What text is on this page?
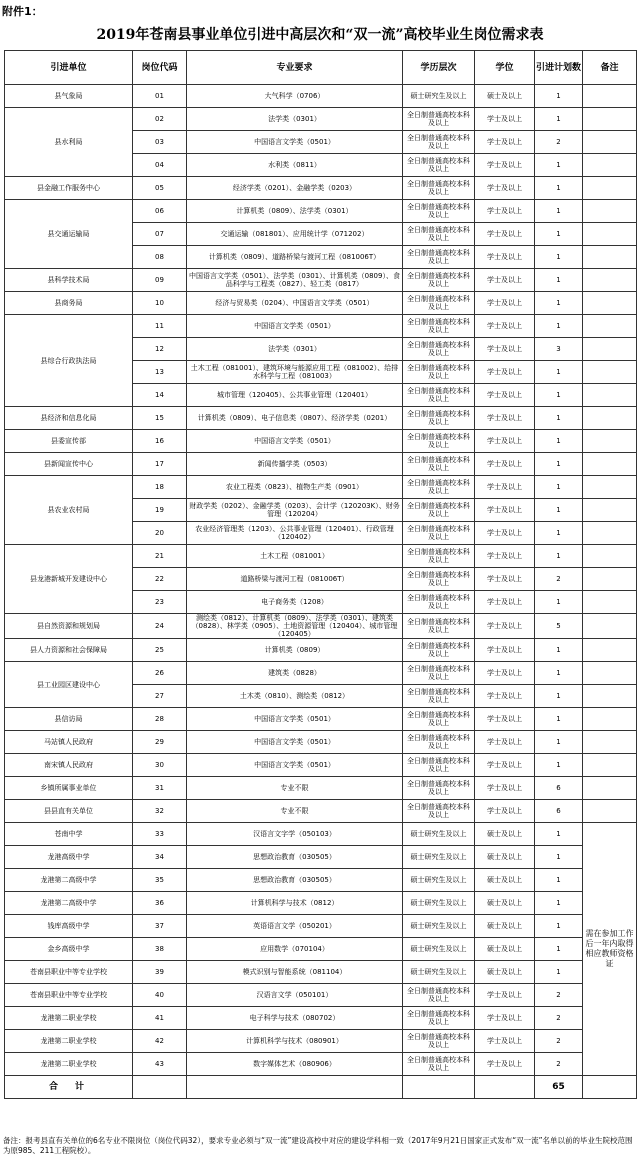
附件1：
2019年苍南县事业单位引进中高层次和“双一流”高校毕业生岗位需求表
引进单位	岗位代码	专业要求	学历层次	学位	引进计划数	备注
县气象局	01	大气科学（0706）	硕士研究生及以上	硕士及以上	1	
县水利局	02	法学类（0301）	全日制普通高校本科及以上	学士及以上	1	
	03	中国语言文学类（0501）	全日制普通高校本科及以上	学士及以上	2	
	04	水利类（0811）	全日制普通高校本科及以上	学士及以上	1	
县金融工作服务中心	05	经济学类（0201）、金融学类（0203）	全日制普通高校本科及以上	学士及以上	1	
县交通运输局	06	计算机类（0809）、法学类（0301）	全日制普通高校本科及以上	学士及以上	1	
	07	交通运输（081801）、应用统计学（071202）	全日制普通高校本科及以上	学士及以上	1	
	08	计算机类（0809）、道路桥梁与渡河工程（081006T）	全日制普通高校本科及以上	学士及以上	1	
县科学技术局	09	中国语言文学类（0501）、法学类（0301）、计算机类（0809）、食品科学与工程类（0827）、轻工类（0817）	全日制普通高校本科及以上	学士及以上	1	
县商务局	10	经济与贸易类（0204）、中国语言文学类（0501）	全日制普通高校本科及以上	学士及以上	1	
县综合行政执法局	11	中国语言文学类（0501）	全日制普通高校本科及以上	学士及以上	1	
	12	法学类（0301）	全日制普通高校本科及以上	学士及以上	3	
	13	土木工程（081001）、建筑环境与能源应用工程（081002）、给排水科学与工程（081003）	全日制普通高校本科及以上	学士及以上	1	
	14	城市管理（120405）、公共事业管理（120401）	全日制普通高校本科及以上	学士及以上	1	
县经济和信息化局	15	计算机类（0809）、电子信息类（0807）、经济学类（0201）	全日制普通高校本科及以上	学士及以上	1	
县委宣传部	16	中国语言文学类（0501）	全日制普通高校本科及以上	学士及以上	1	
县新闻宣传中心	17	新闻传播学类（0503）	全日制普通高校本科及以上	学士及以上	1	
县农业农村局	18	农业工程类（0823）、植物生产类（0901）	全日制普通高校本科及以上	学士及以上	1	
	19	财政学类（0202）、金融学类（0203）、会计学（120203K）、财务管理（120204）	全日制普通高校本科及以上	学士及以上	1	
	20	农业经济管理类（1203）、公共事业管理（120401）、行政管理（120402）	全日制普通高校本科及以上	学士及以上	1	
县龙港新城开发建设中心	21	土木工程（081001）	全日制普通高校本科及以上	学士及以上	1	
	22	道路桥梁与渡河工程（081006T）	全日制普通高校本科及以上	学士及以上	2	
	23	电子商务类（1208）	全日制普通高校本科及以上	学士及以上	1	
县自然资源和规划局	24	测绘类（0812）、计算机类（0809）、法学类（0301）、建筑类（0828）、林学类（0905）、土地资源管理（120404）、城市管理（120405）	全日制普通高校本科及以上	学士及以上	5	
县人力资源和社会保障局	25	计算机类（0809）	全日制普通高校本科及以上	学士及以上	1	
县工业园区建设中心	26	建筑类（0828）	全日制普通高校本科及以上	学士及以上	1	
	27	土木类（0810）、测绘类（0812）	全日制普通高校本科及以上	学士及以上	1	
县信访局	28	中国语言文学类（0501）	全日制普通高校本科及以上	学士及以上	1	
马站镇人民政府	29	中国语言文学类（0501）	全日制普通高校本科及以上	学士及以上	1	
南宋镇人民政府	30	中国语言文学类（0501）	全日制普通高校本科及以上	学士及以上	1	
乡镇所属事业单位	31	专业不限	全日制普通高校本科及以上	学士及以上	6	
县县直有关单位	32	专业不限	全日制普通高校本科及以上	学士及以上	6	
苍南中学	33	汉语言文字学（050103）	硕士研究生及以上	硕士及以上	1	需在参加工作后一年内取得相应教师资格证
龙港高级中学	34	思想政治教育（030505）	硕士研究生及以上	硕士及以上	1	
龙港第二高级中学	35	思想政治教育（030505）	硕士研究生及以上	硕士及以上	1	
龙港第二高级中学	36	计算机科学与技术（0812）	硕士研究生及以上	硕士及以上	1	
钱库高级中学	37	英语语言文学（050201）	硕士研究生及以上	硕士及以上	1	
金乡高级中学	38	应用数学（070104）	硕士研究生及以上	硕士及以上	1	
苍南县职业中等专业学校	39	模式识别与智能系统（081104）	硕士研究生及以上	硕士及以上	1	
苍南县职业中等专业学校	40	汉语言文学（050101）	全日制普通高校本科及以上	学士及以上	2	
龙港第二职业学校	41	电子科学与技术（080702）	全日制普通高校本科及以上	学士及以上	2	
龙港第二职业学校	42	计算机科学与技术（080901）	全日制普通高校本科及以上	学士及以上	2	
龙港第二职业学校	43	数字媒体艺术（080906）	全日制普通高校本科及以上	学士及以上	2	
合　计					65	
备注：报考县直有关单位的6名专业不限岗位（岗位代码32），要求专业必须与“双一流”建设高校中对应的建设学科相一致（2017年9月21日国家正式发布“双一流”名单以前的毕业生院校范围为原985、211工程院校）。
